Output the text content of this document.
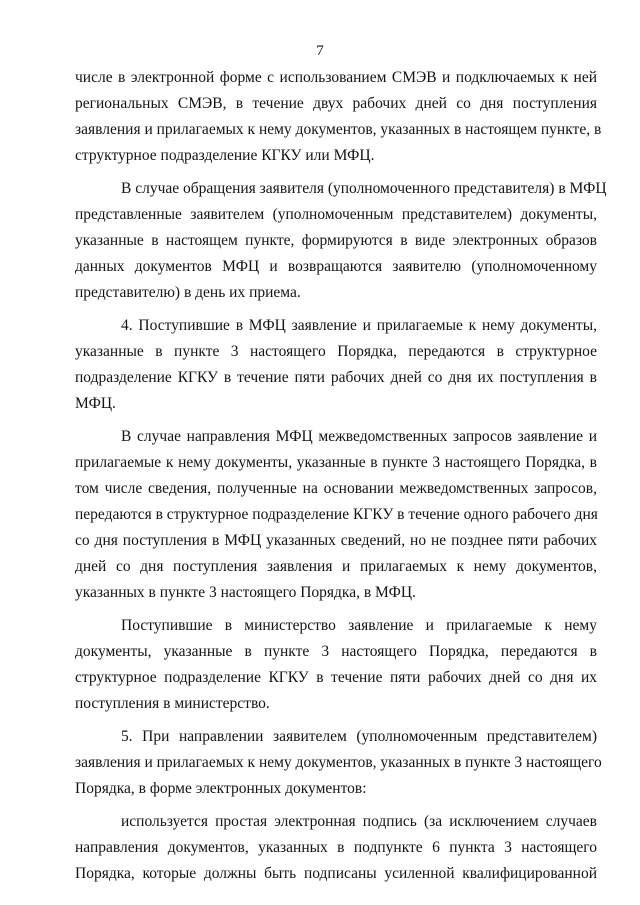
7
числе в электронной форме с использованием СМЭВ и подключаемых к ней
региональных СМЭВ, в течение двух рабочих дней со дня поступления
заявления и прилагаемых к нему документов, указанных в настоящем пункте, в
структурное подразделение КГКУ или МФЦ.
В случае обращения заявителя (уполномоченного представителя) в МФЦ
представленные заявителем (уполномоченным представителем) документы,
указанные в настоящем пункте, формируются в виде электронных образов
данных документов МФЦ и возвращаются заявителю (уполномоченному
представителю) в день их приема.
4. Поступившие в МФЦ заявление и прилагаемые к нему документы,
указанные в пункте 3 настоящего Порядка, передаются в структурное
подразделение КГКУ в течение пяти рабочих дней со дня их поступления в
МФЦ.
В случае направления МФЦ межведомственных запросов заявление и
прилагаемые к нему документы, указанные в пункте 3 настоящего Порядка, в
том числе сведения, полученные на основании межведомственных запросов,
передаются в структурное подразделение КГКУ в течение одного рабочего дня
со дня поступления в МФЦ указанных сведений, но не позднее пяти рабочих
дней со дня поступления заявления и прилагаемых к нему документов,
указанных в пункте 3 настоящего Порядка, в МФЦ.
Поступившие в министерство заявление и прилагаемые к нему
документы, указанные в пункте 3 настоящего Порядка, передаются в
структурное подразделение КГКУ в течение пяти рабочих дней со дня их
поступления в министерство.
5. При направлении заявителем (уполномоченным представителем)
заявления и прилагаемых к нему документов, указанных в пункте 3 настоящего
Порядка, в форме электронных документов:
используется простая электронная подпись (за исключением случаев
направления документов, указанных в подпункте 6 пункта 3 настоящего
Порядка, которые должны быть подписаны усиленной квалифицированной
